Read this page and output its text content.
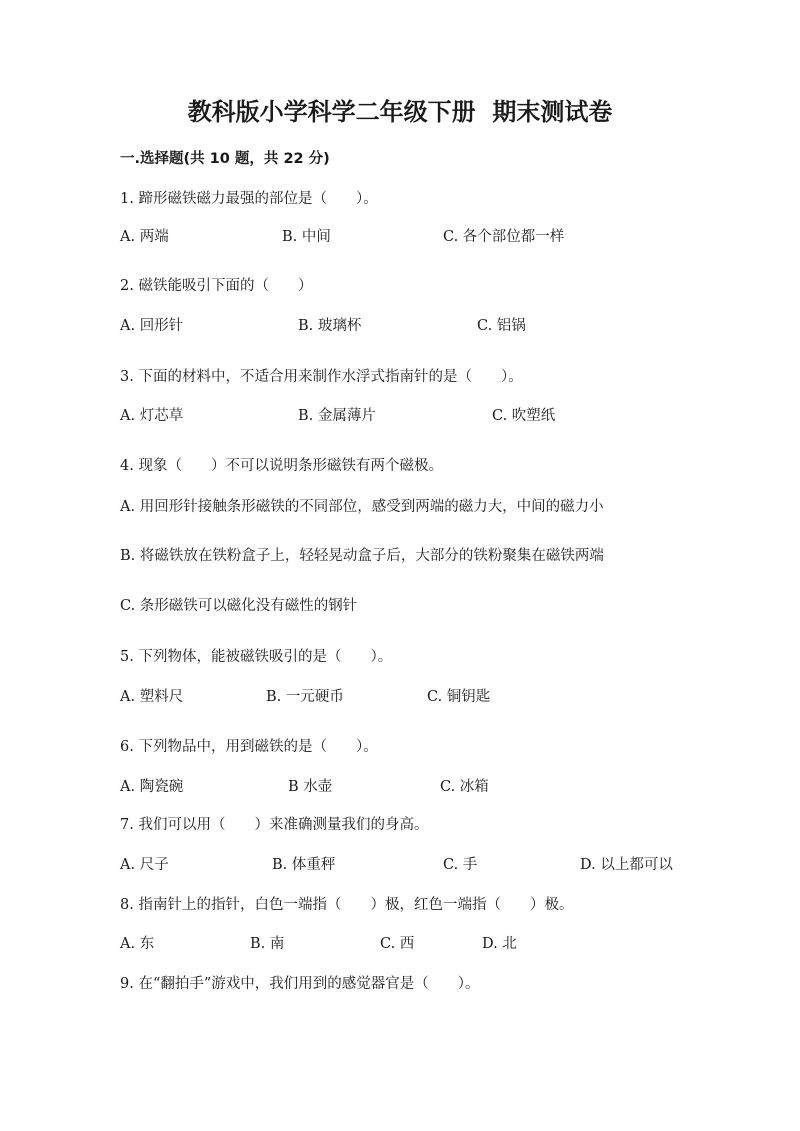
教科版小学科学二年级下册  期末测试卷
一.选择题(共 10 题，共 22 分)
1. 蹄形磁铁磁力最强的部位是（　　）。
A. 两端	B. 中间	C. 各个部位都一样
2. 磁铁能吸引下面的（　　）
A. 回形针	B. 玻璃杯	C. 铝锅
3. 下面的材料中，不适合用来制作水浮式指南针的是（　　）。
A. 灯芯草	B. 金属薄片	C. 吹塑纸
4. 现象（　　）不可以说明条形磁铁有两个磁极。
A. 用回形针接触条形磁铁的不同部位，感受到两端的磁力大，中间的磁力小
B. 将磁铁放在铁粉盒子上，轻轻晃动盒子后，大部分的铁粉聚集在磁铁两端
C. 条形磁铁可以磁化没有磁性的钢针
5. 下列物体，能被磁铁吸引的是（　　）。
A. 塑料尺	B. 一元硬币	C. 铜钥匙
6. 下列物品中，用到磁铁的是（　　）。
A. 陶瓷碗	B 水壶	C. 冰箱
7. 我们可以用（　　）来准确测量我们的身高。
A. 尺子	B. 体重秤	C. 手	D. 以上都可以
8. 指南针上的指针，白色一端指（　　）极，红色一端指（　　）极。
A. 东	B. 南	C. 西	D. 北
9. 在“翻拍手”游戏中，我们用到的感觉器官是（　　）。
